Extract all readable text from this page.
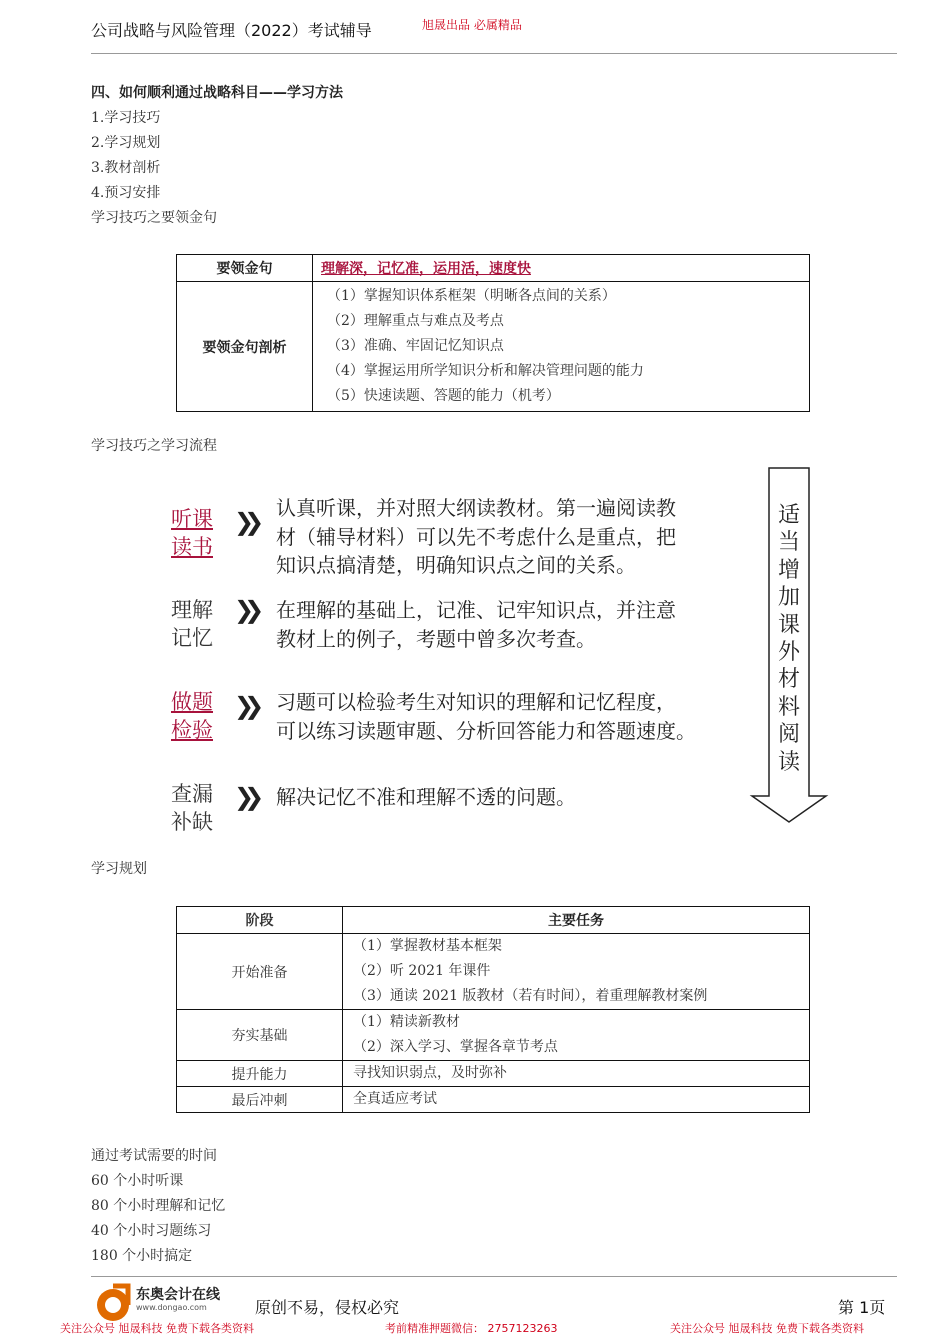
公司战略与风险管理（2022）考试辅导	旭晟出品 必属精品
四、如何顺利通过战略科目——学习方法
1.学习技巧
2.学习规划
3.教材剖析
4.预习安排
学习技巧之要领金句
要领金句	理解深，记忆准，运用活，速度快
要领金句剖析	（1）掌握知识体系框架（明晰各点间的关系）
（2）理解重点与难点及考点
（3）准确、牢固记忆知识点
（4）掌握运用所学知识分析和解决管理问题的能力
（5）快速读题、答题的能力（机考）
学习技巧之学习流程
听课
读书
❯❯ 认真听课，并对照大纲读教材。第一遍阅读教
材（辅导材料）可以先不考虑什么是重点，把
知识点搞清楚，明确知识点之间的关系。
理解
记忆
❯❯ 在理解的基础上，记准、记牢知识点，并注意
教材上的例子，考题中曾多次考查。
做题
检验
❯❯ 习题可以检验考生对知识的理解和记忆程度，
可以练习读题审题、分析回答能力和答题速度。
查漏
补缺
❯❯ 解决记忆不准和理解不透的问题。
适
当
增
加
课
外
材
料
阅
读
学习规划
阶段	主要任务
开始准备	（1）掌握教材基本框架
（2）听 2021 年课件
（3）通读 2021 版教材（若有时间），着重理解教材案例

夯实基础	（1）精读新教材
（2）深入学习、掌握各章节考点

提升能力	寻找知识弱点，及时弥补
最后冲刺	全真适应考试
通过考试需要的时间
60 个小时听课
80 个小时理解和记忆
40 个小时习题练习
180 个小时搞定
东奥会计在线
www.dongao.com	原创不易，侵权必究	第 1页
关注公众号 旭晟科技 免费下载各类资料	考前精准押题微信： 2757123263	关注公众号 旭晟科技 免费下载各类资料
